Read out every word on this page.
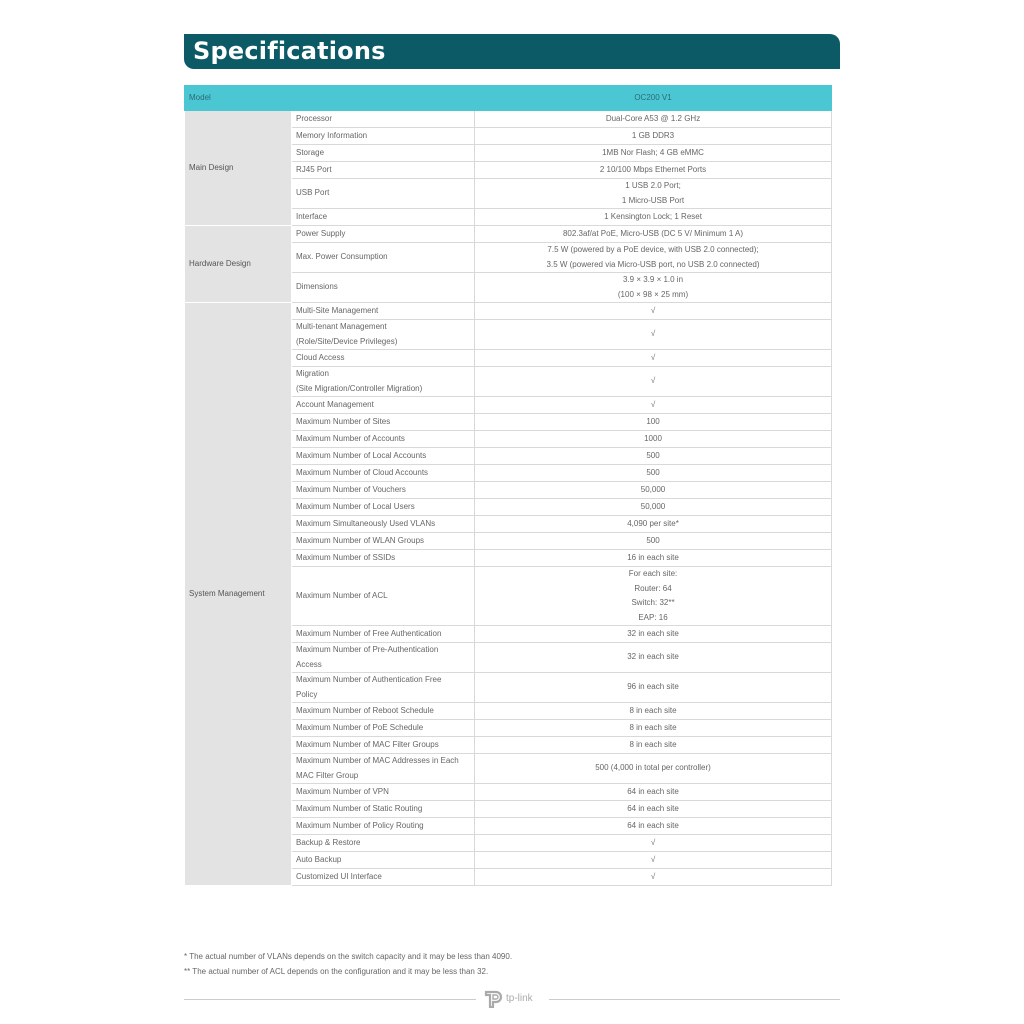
Specifications
Model		OC200 V1
Main Design	Processor	Dual-Core A53 @ 1.2 GHz

	Memory Information	1 GB DDR3

	Storage	1MB Nor Flash; 4 GB eMMC

	RJ45 Port	2 10/100 Mbps Ethernet Ports

	USB Port	1 USB 2.0 Port;
1 Micro-USB Port

	Interface	1 Kensington Lock; 1 Reset

Hardware Design	Power Supply	802.3af/at PoE, Micro-USB (DC 5 V/ Minimum 1 A)

	Max. Power Consumption	7.5 W (powered by a PoE device, with USB 2.0 connected);
3.5 W (powered via Micro-USB port, no USB 2.0 connected)

	Dimensions	3.9 × 3.9 × 1.0 in
(100 × 98 × 25 mm)

System Management	Multi-Site Management	√

	Multi-tenant Management
(Role/Site/Device Privileges)	√

	Cloud Access	√

	Migration
(Site Migration/Controller Migration)	√

	Account Management	√

	Maximum Number of Sites	100

	Maximum Number of Accounts	1000

	Maximum Number of Local Accounts	500

	Maximum Number of Cloud Accounts	500

	Maximum Number of Vouchers	50,000

	Maximum Number of Local Users	50,000

	Maximum Simultaneously Used VLANs	4,090 per site*

	Maximum Number of WLAN Groups	500

	Maximum Number of SSIDs	16 in each site

	Maximum Number of ACL	For each site:
Router: 64
Switch: 32**
EAP: 16

	Maximum Number of Free Authentication	32 in each site

	Maximum Number of Pre-Authentication
Access	32 in each site

	Maximum Number of Authentication Free
Policy	96 in each site

	Maximum Number of Reboot Schedule	8 in each site

	Maximum Number of PoE Schedule	8 in each site

	Maximum Number of MAC Filter Groups	8 in each site

	Maximum Number of MAC Addresses in Each
MAC Filter Group	500 (4,000 in total per controller)

	Maximum Number of VPN	64 in each site

	Maximum Number of Static Routing	64 in each site

	Maximum Number of Policy Routing	64 in each site

	Backup & Restore	√

	Auto Backup	√

	Customized UI Interface	√
* The actual number of VLANs depends on the switch capacity and it may be less than 4090.
** The actual number of ACL depends on the configuration and it may be less than 32.
tp-link
